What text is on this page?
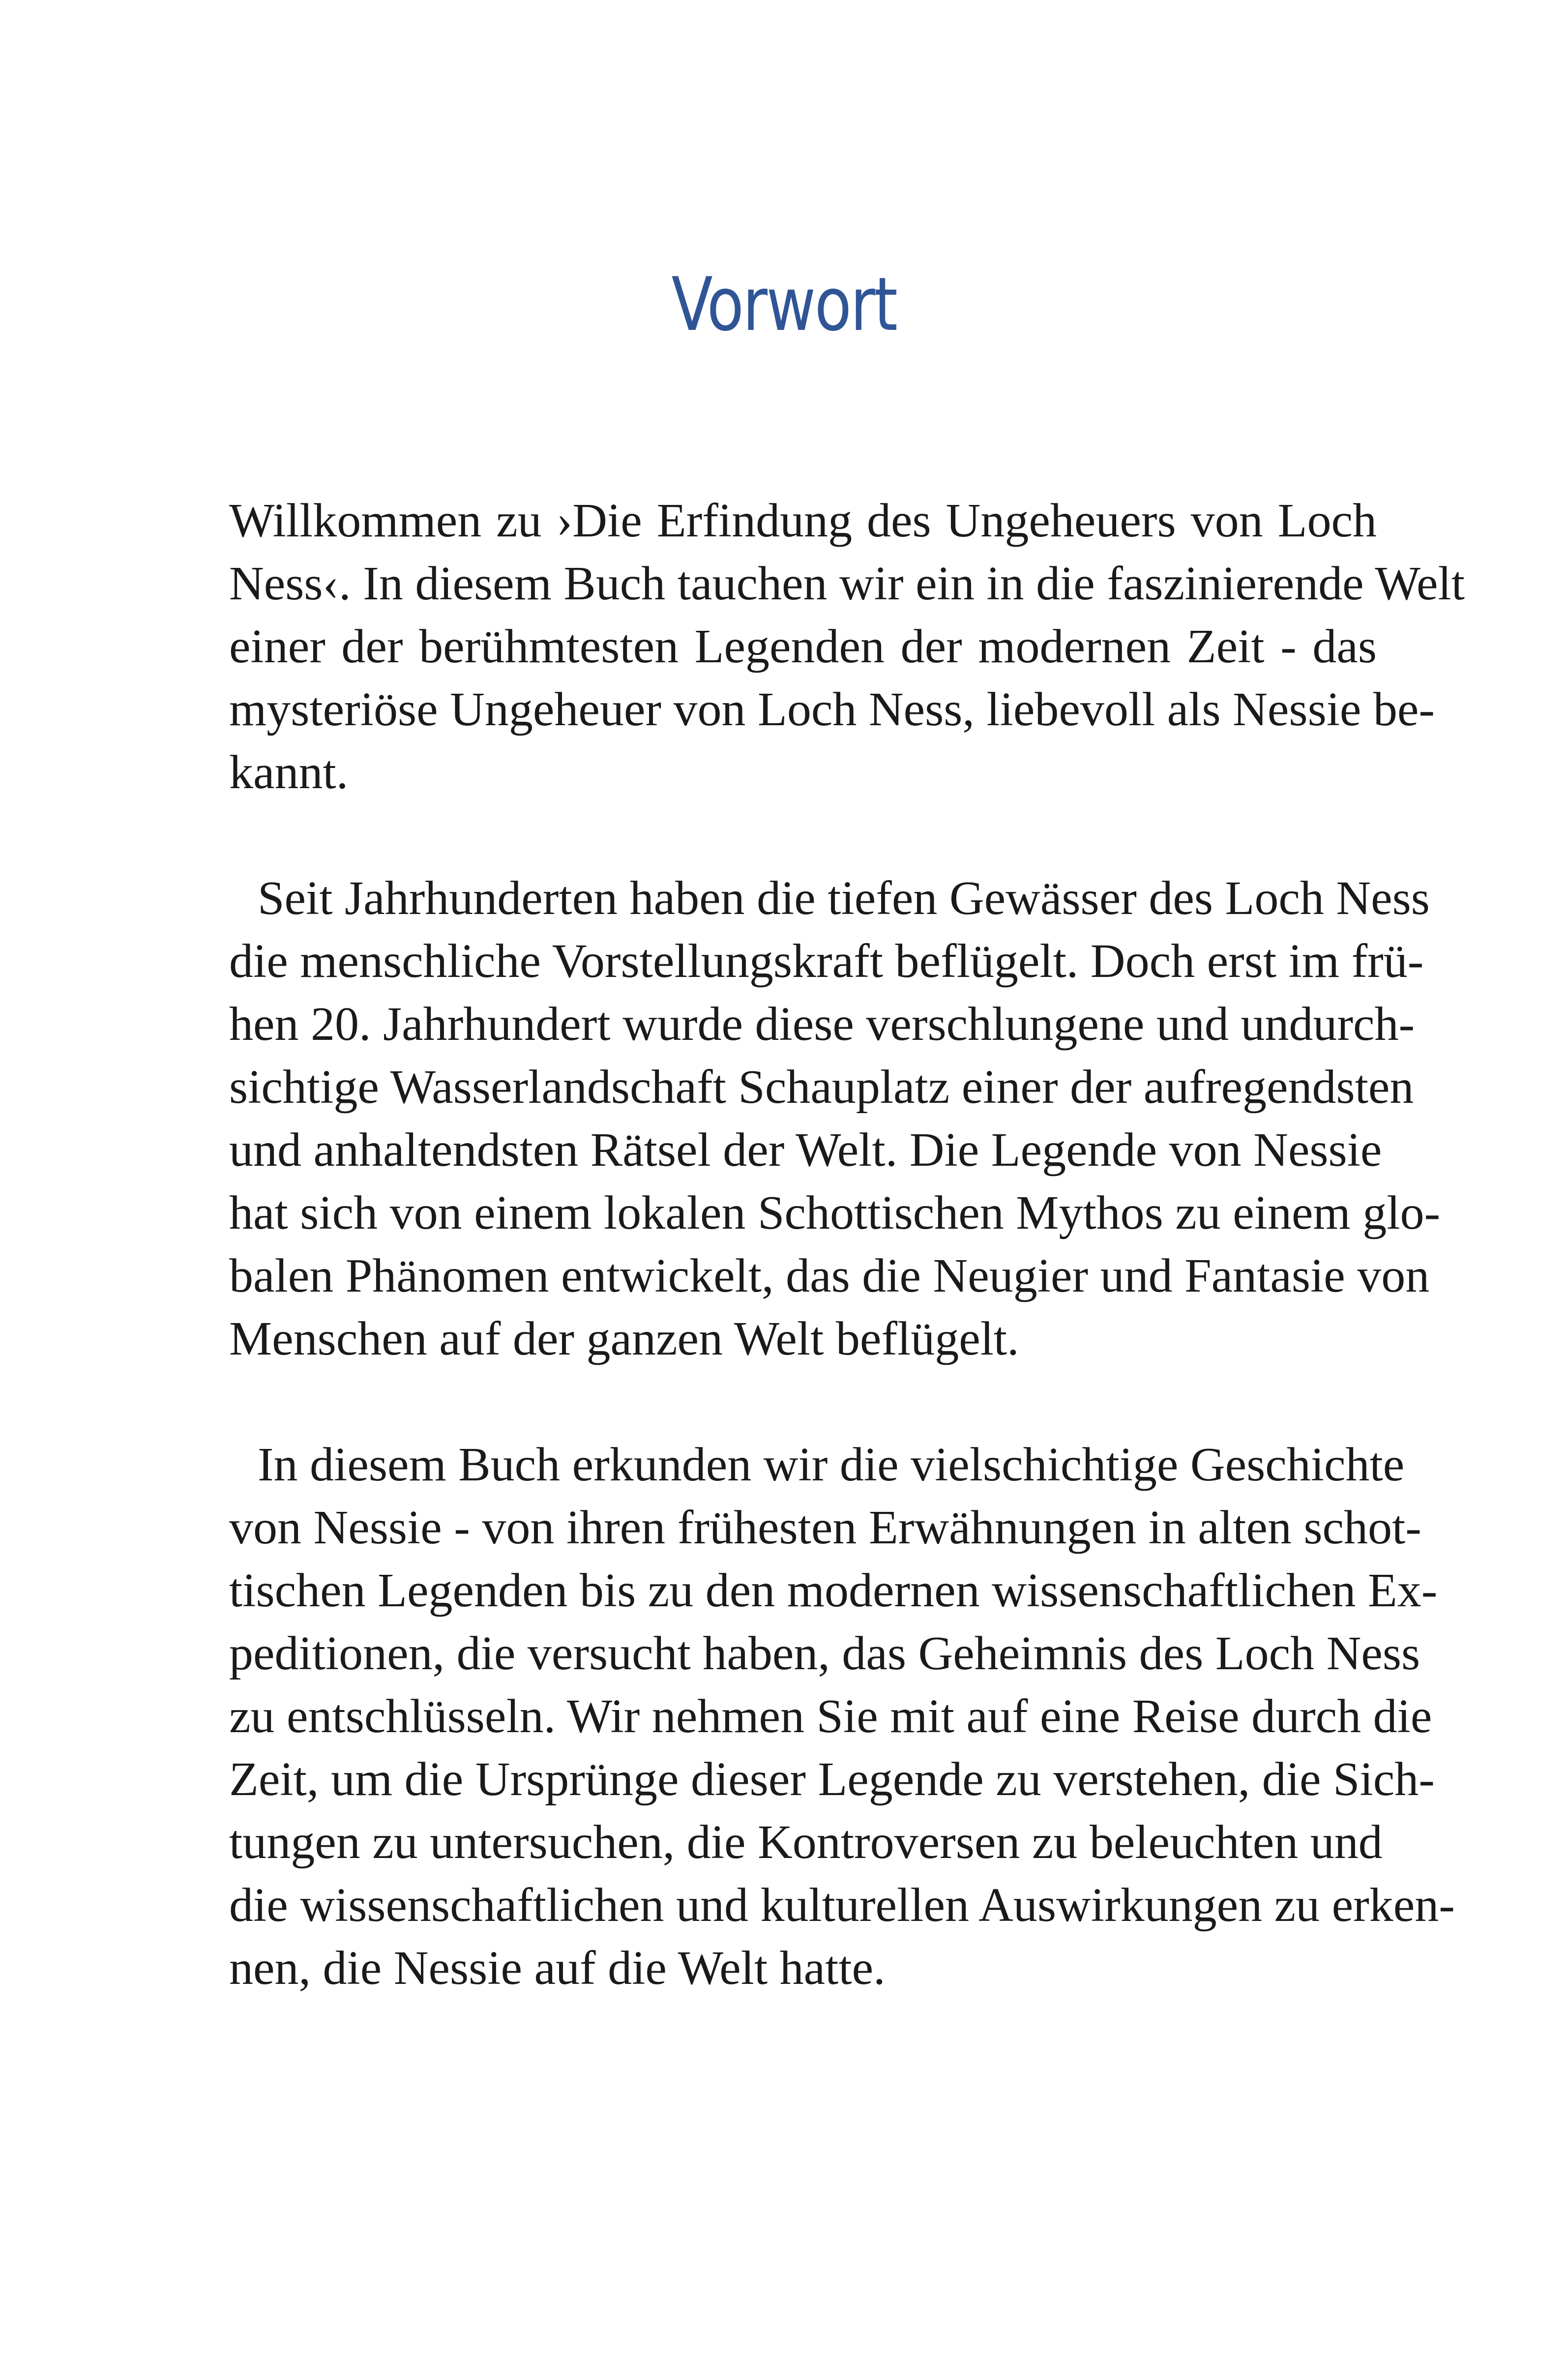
Vorwort
Willkommen zu ›Die Erfindung des Ungeheuers von Loch
Ness‹. In diesem Buch tauchen wir ein in die faszinierende Welt
einer der berühmtesten Legenden der modernen Zeit - das
mysteriöse Ungeheuer von Loch Ness, liebevoll als Nessie be-
kannt.
Seit Jahrhunderten haben die tiefen Gewässer des Loch Ness
die menschliche Vorstellungskraft beflügelt. Doch erst im frü-
hen 20. Jahrhundert wurde diese verschlungene und undurch-
sichtige Wasserlandschaft Schauplatz einer der aufregendsten
und anhaltendsten Rätsel der Welt. Die Legende von Nessie
hat sich von einem lokalen Schottischen Mythos zu einem glo-
balen Phänomen entwickelt, das die Neugier und Fantasie von
Menschen auf der ganzen Welt beflügelt.
In diesem Buch erkunden wir die vielschichtige Geschichte
von Nessie - von ihren frühesten Erwähnungen in alten schot-
tischen Legenden bis zu den modernen wissenschaftlichen Ex-
peditionen, die versucht haben, das Geheimnis des Loch Ness
zu entschlüsseln. Wir nehmen Sie mit auf eine Reise durch die
Zeit, um die Ursprünge dieser Legende zu verstehen, die Sich-
tungen zu untersuchen, die Kontroversen zu beleuchten und
die wissenschaftlichen und kulturellen Auswirkungen zu erken-
nen, die Nessie auf die Welt hatte.
